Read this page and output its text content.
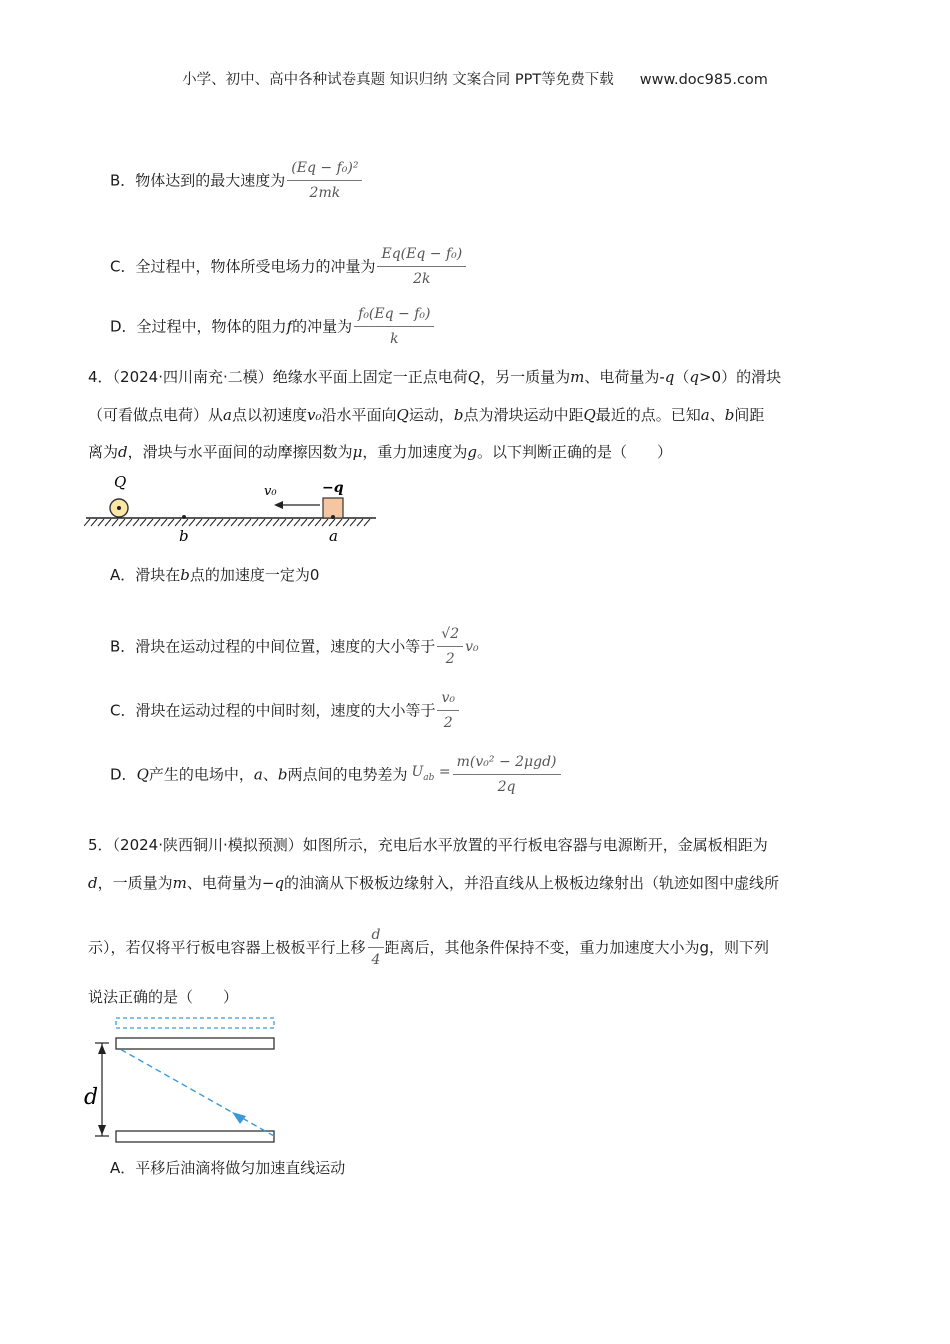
小学、初中、高中各种试卷真题 知识归纳 文案合同 PPT等免费下载 www.doc985.com
B．物体达到的最大速度为 $\frac{\text{(Eq − f₀)²}}{2mk}$
C．全过程中，物体所受电场力的冲量为 $\frac{\text{Eq(Eq − f₀)}}{2k}$
D．全过程中，物体的阻力f的冲量为 $\frac{\text{f₀(Eq − f₀)}}{k}$
4．（2024·四川南充·二模）绝缘水平面上固定一正点电荷Q，另一质量为m、电荷量为-q（q>0）的滑块
（可看做点电荷）从a点以初速度v₀沿水平面向Q运动，b点为滑块运动中距Q最近的点。已知a、b间距
离为d，滑块与水平面间的动摩擦因数为μ，重力加速度为g。以下判断正确的是（　　）
Q
b	a
−q
v₀
A．滑块在b点的加速度一定为0
B．滑块在运动过程的中间位置，速度的大小等于 $\frac{√2}{2} v_0$
C．滑块在运动过程的中间时刻，速度的大小等于 $\frac{\text{v₀}}{2}$
D．Q产生的电场中，a、b两点间的电势差为 $U_{ab} = \frac{\text{m(v₀² − 2μgd)}}{2q}$
5．（2024·陕西铜川·模拟预测）如图所示，充电后水平放置的平行板电容器与电源断开，金属板相距为
d，一质量为m、电荷量为−q的油滴从下极板边缘射入，并沿直线从上极板边缘射出（轨迹如图中虚线所
示），若仅将平行板电容器上极板平行上移 $\frac{d}{4}$ 距离后，其他条件保持不变，重力加速度大小为g，则下列
说法正确的是（　　）
d
A．平移后油滴将做匀加速直线运动
